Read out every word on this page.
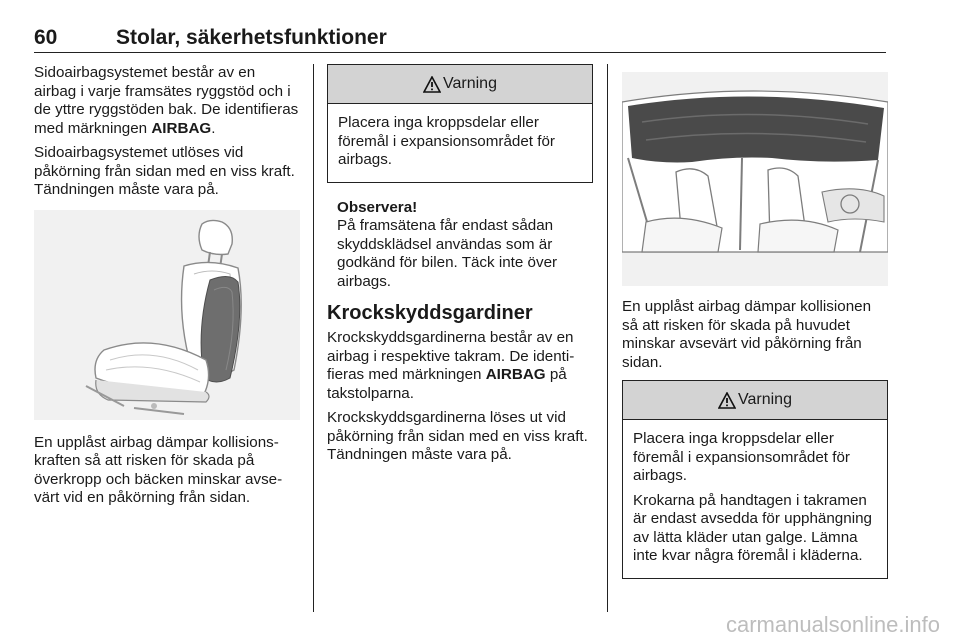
60	Stolar, säkerhetsfunktioner

Sidoairbagsystemet består av en airbag i varje framsätes ryggstöd och i de yttre ryggstöden bak. De identifieras med märkningen AIRBAG.

Sidoairbagsystemet utlöses vid påkörning från sidan med en viss kraft. Tändningen måste vara på.

En upplåst airbag dämpar kollisionskraften så att risken för skada på överkropp och bäcken minskar avsevärt vid en påkörning från sidan.

Varning

Placera inga kroppsdelar eller föremål i expansionsområdet för airbags.

Observera!

På framsätena får endast sådan skyddsklädsel användas som är godkänd för bilen. Täck inte över airbags.

Krockskyddsgardiner

Krockskyddsgardinerna består av en airbag i respektive takram. De identifieras med märkningen AIRBAG på takstolparna.

Krockskyddsgardinerna löses ut vid påkörning från sidan med en viss kraft. Tändningen måste vara på.

En upplåst airbag dämpar kollisionen så att risken för skada på huvudet minskar avsevärt vid påkörning från sidan.

Varning

Placera inga kroppsdelar eller föremål i expansionsområdet för airbags.

Krokarna på handtagen i takramen är endast avsedda för upphängning av lätta kläder utan galge. Lämna inte kvar några föremål i kläderna.

carmanualsonline.info
